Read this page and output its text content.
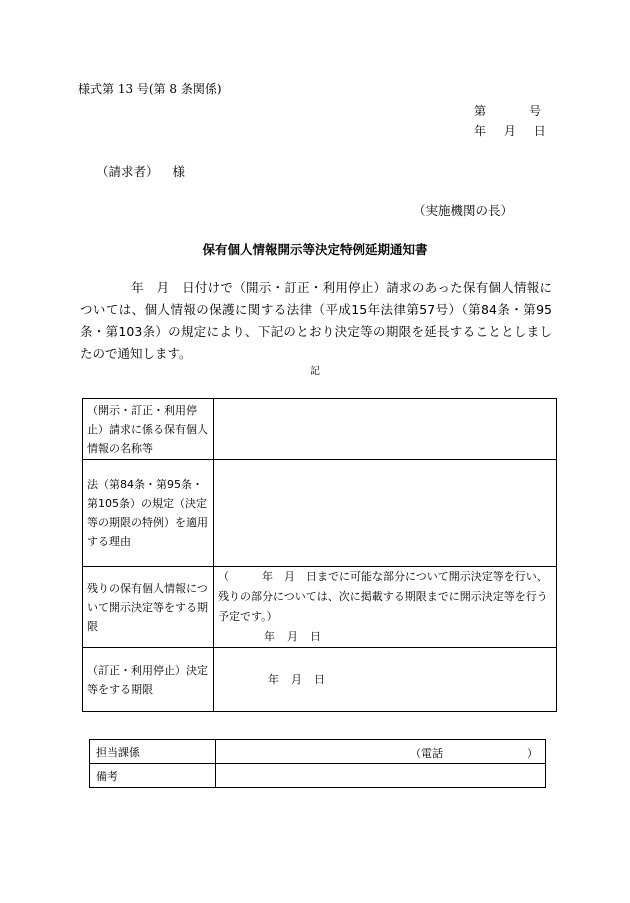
様式第 13 号(第 8 条関係)
第	号
年 月 日
（請求者） 様
（実施機関の長）
保有個人情報開示等決定特例延期通知書
　　　　年　月　日付けで（開示・訂正・利用停止）請求のあった保有個人情報については、個人情報の保護に関する法律（平成15年法律第57号）（第84条・第95条・第103条）の規定により、下記のとおり決定等の期限を延長することとしましたので通知します。
記
（開示・訂正・利用停止）請求に係る保有個人情報の名称等	
法（第84条・第95条・第105条）の規定（決定等の期限の特例）を適用する理由	
残りの保有個人情報について開示決定等をする期限	（　　　年　月　日までに可能な部分について開示決定等を行い、残りの部分については、次に掲載する期限までに開示決定等を行う予定です。）
年 月 日

（訂正・利用停止）決定等をする期限	年 月 日
担当課係	（電話 ）

備考	
